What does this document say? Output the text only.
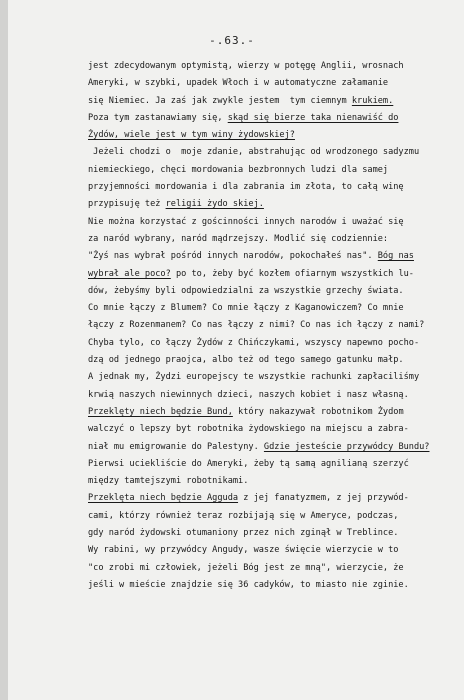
-.63.-
jest zdecydowanym optymistą, wierzy w potęgę Anglii, wrosnach
Ameryki, w szybki, upadek Włoch i w automatyczne załamanie
się Niemiec. Ja zaś jak zwykle jestem  tym ciemnym krukiem.
Poza tym zastanawiamy się, skąd się bierze taka nienawiść do
Żydów, wiele jest w tym winy żydowskiej?
Jeżeli chodzi o  moje zdanie, abstrahując od wrodzonego sadyzmu
niemieckiego, chęci mordowania bezbronnych ludzi dla samej
przyjemności mordowania i dla zabrania im złota, to całą winę
przypisuję też religii żydo skiej.
Nie można korzystać z gościnności innych narodów i uważać się
za naród wybrany, naród mądrzejszy. Modlić się codziennie:
"Żyś nas wybrał pośród innych narodów, pokochałeś nas". Bóg nas
wybrał ale poco? po to, żeby być kozłem ofiarnym wszystkich lu-
dów, żebyśmy byli odpowiedzialni za wszystkie grzechy świata.
Co mnie łączy z Blumem? Co mnie łączy z Kaganowiczem? Co mnie
łączy z Rozenmanem? Co nas łączy z nimi? Co nas ich łączy z nami?
Chyba tylo, co łączy Żydów z Chińczykami, wszyscy napewno pocho-
dzą od jednego praojca, albo też od tego samego gatunku małp.
A jednak my, Żydzi europejscy te wszystkie rachunki zapłaciliśmy
krwią naszych niewinnych dzieci, naszych kobiet i nasz własną.
Przeklęty niech będzie Bund, który nakazywał robotnikom Żydom
walczyć o lepszy byt robotnika żydowskiego na miejscu a zabra-
niał mu emigrowanie do Palestyny. Gdzie jesteście przywódcy Bundu?
Pierwsi uciekliście do Ameryki, żeby tą samą agnilianą szerzyć
między tamtejszymi robotnikami.
Przeklęta niech będzie Agguda z jej fanatyzmem, z jej przywód-
cami, którzy również teraz rozbijają się w Ameryce, podczas,
gdy naród żydowski otumaniony przez nich zginął w Treblince.
Wy rabini, wy przywódcy Angudy, wasze święcie wierzycie w to
"co zrobi mi człowiek, jeżeli Bóg jest ze mną", wierzycie, że
jeśli w mieście znajdzie się 36 cadyków, to miasto nie zginie.
